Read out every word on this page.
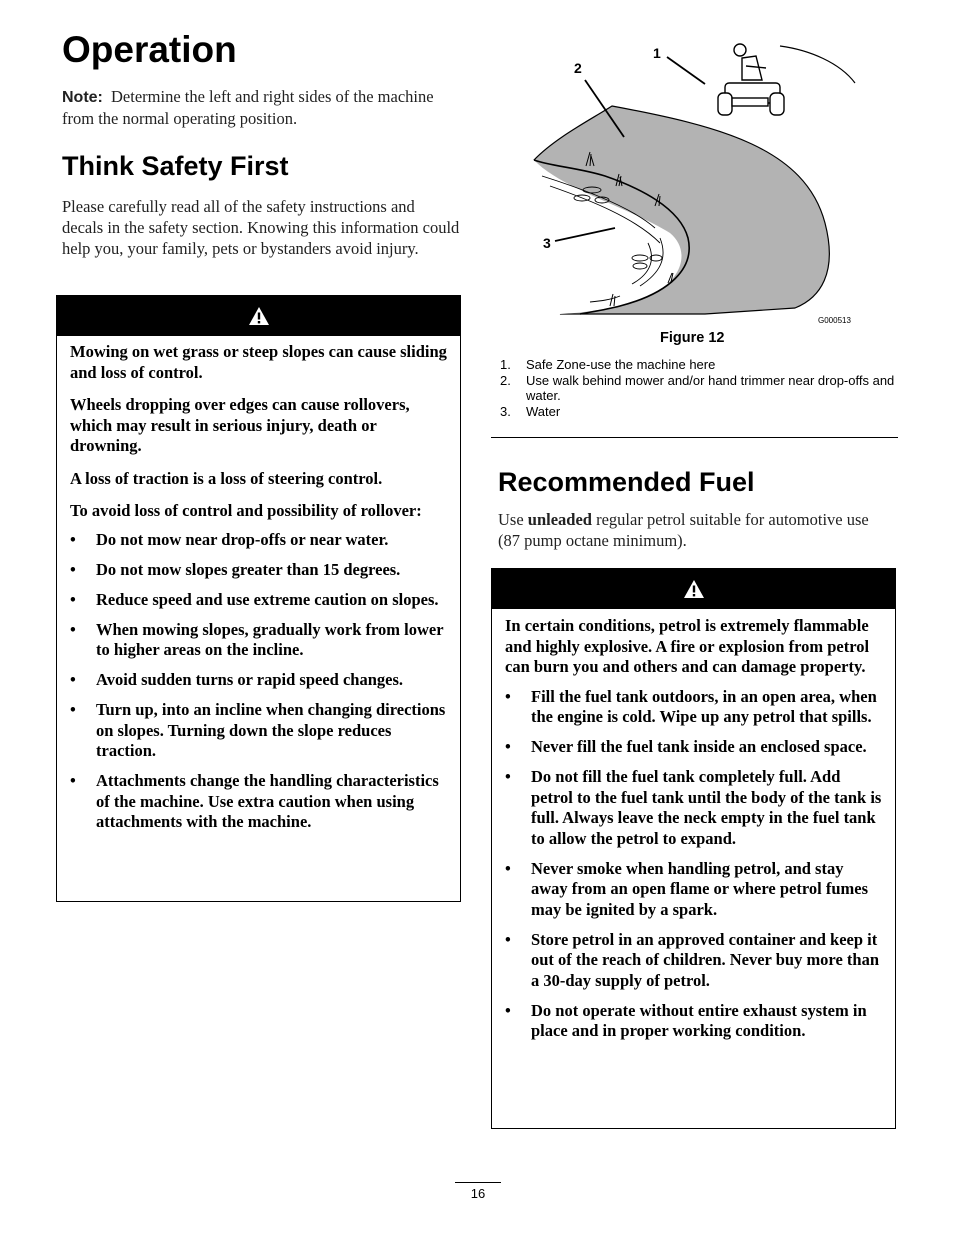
Operation
Note: Determine the left and right sides of the machine from the normal operating position.
Think Safety First
Please carefully read all of the safety instructions and decals in the safety section. Knowing this information could help you, your family, pets or bystanders avoid injury.

Mowing on wet grass or steep slopes can cause sliding and loss of control.

Wheels dropping over edges can cause rollovers, which may result in serious injury, death or drowning.

A loss of traction is a loss of steering control.

To avoid loss of control and possibility of rollover:

• Do not mow near drop-offs or near water.
• Do not mow slopes greater than 15 degrees.
• Reduce speed and use extreme caution on slopes.
• When mowing slopes, gradually work from lower to higher areas on the incline.
• Avoid sudden turns or rapid speed changes.
• Turn up, into an incline when changing directions on slopes. Turning down the slope reduces traction.
• Attachments change the handling characteristics of the machine. Use extra caution when using attachments with the machine.
1
2
3
G000513
Figure 12
1. Safe Zone-use the machine here
2. Use walk behind mower and/or hand trimmer near drop-offs and water.
3. Water
Recommended Fuel
Use unleaded regular petrol suitable for automotive use (87 pump octane minimum).

In certain conditions, petrol is extremely flammable and highly explosive. A fire or explosion from petrol can burn you and others and can damage property.

• Fill the fuel tank outdoors, in an open area, when the engine is cold. Wipe up any petrol that spills.
• Never fill the fuel tank inside an enclosed space.
• Do not fill the fuel tank completely full. Add petrol to the fuel tank until the body of the tank is full. Always leave the neck empty in the fuel tank to allow the petrol to expand.
• Never smoke when handling petrol, and stay away from an open flame or where petrol fumes may be ignited by a spark.
• Store petrol in an approved container and keep it out of the reach of children. Never buy more than a 30-day supply of petrol.
• Do not operate without entire exhaust system in place and in proper working condition.
16
